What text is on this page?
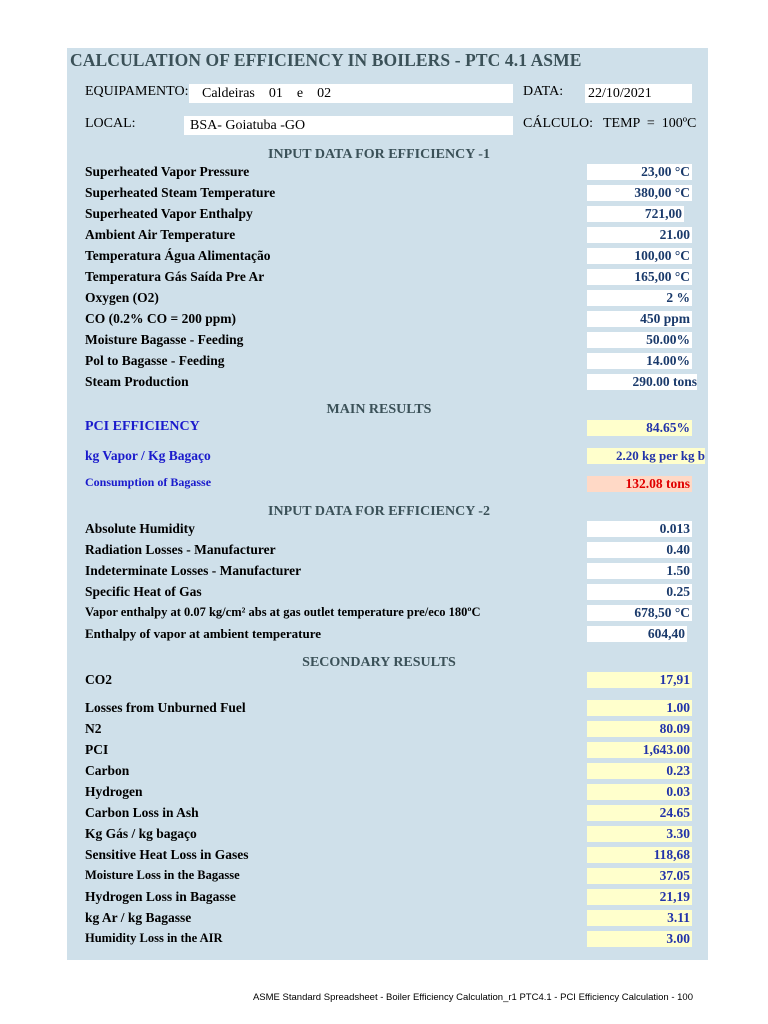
CALCULATION OF EFFICIENCY IN BOILERS - PTC 4.1 ASME
EQUIPAMENTO: Caldeiras    01    e    02	DATA: 22/10/2021
LOCAL:	BSA- Goiatuba -GO	CÁLCULO: TEMP  =  100ºC
INPUT DATA FOR EFFICIENCY -1
MAIN RESULTS
INPUT DATA FOR EFFICIENCY -2
SECONDARY RESULTS
Superheated Vapor Pressure	23,00 °C
Superheated Steam Temperature	380,00 °C
Superheated Vapor Enthalpy	721,00
Ambient Air Temperature	21.00
Temperatura Água Alimentação	100,00 °C
Temperatura Gás Saída Pre Ar	165,00 °C
Oxygen (O2)	2 %
CO (0.2% CO = 200 ppm)	450 ppm
Moisture Bagasse - Feeding	50.00%
Pol to Bagasse - Feeding	14.00%
Steam Production	290.00 tons
PCI EFFICIENCY	84.65%
kg Vapor / Kg Bagaço	2.20 kg per kg b
Consumption of Bagasse	132.08 tons
Absolute Humidity	0.013
Radiation Losses - Manufacturer	0.40
Indeterminate Losses - Manufacturer	1.50
Specific Heat of Gas	0.25
Vapor enthalpy at 0.07 kg/cm² abs at gas outlet temperature pre/eco 180ºC	678,50 °C
Enthalpy of vapor at ambient temperature	604,40
CO2	17,91
Losses from Unburned Fuel	1.00
N2	80.09
PCI	1,643.00
Carbon	0.23
Hydrogen	0.03
Carbon Loss in Ash	24.65
Kg Gás / kg bagaço	3.30
Sensitive Heat Loss in Gases	118,68
Moisture Loss in the Bagasse	37.05
Hydrogen Loss in Bagasse	21,19
kg Ar / kg Bagasse	3.11
Humidity Loss in the AIR	3.00
ASME Standard Spreadsheet - Boiler Efficiency Calculation_r1 PTC4.1 - PCI Efficiency Calculation - 100
